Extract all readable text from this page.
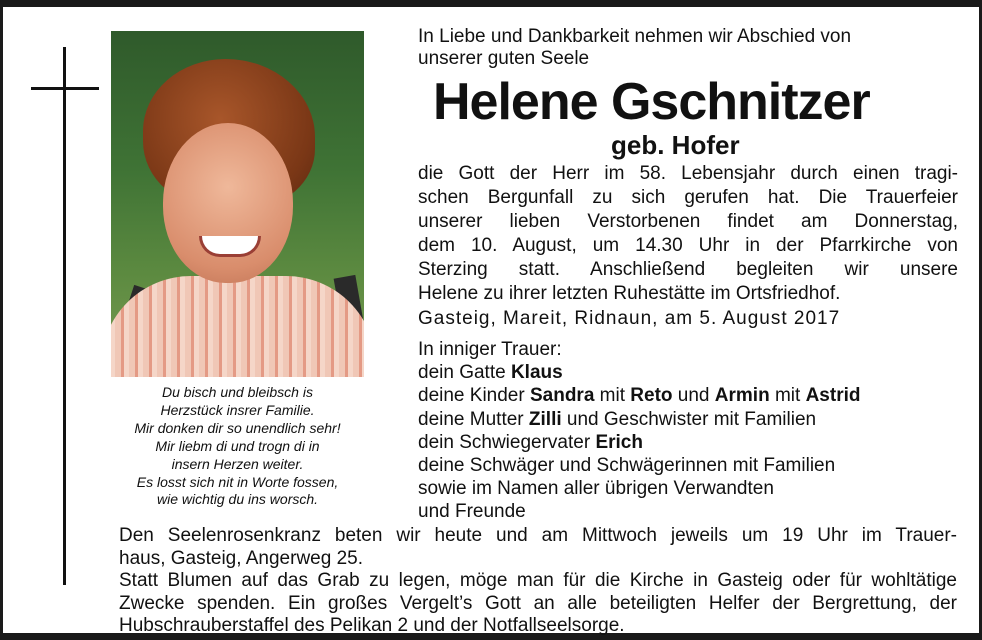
Du bisch und bleibsch is
Herzstück insrer Familie.
Mir donken dir so unendlich sehr!
Mir liebm di und trogn di in
insern Herzen weiter.
Es losst sich nit in Worte fossen,
wie wichtig du ins worsch.
In Liebe und Dankbarkeit nehmen wir Abschied von
unserer guten Seele
Helene Gschnitzer
geb. Hofer
die Gott der Herr im 58. Lebensjahr durch einen tragi-
schen Bergunfall zu sich gerufen hat. Die Trauerfeier
unserer lieben Verstorbenen findet am Donnerstag,
dem 10. August, um 14.30 Uhr in der Pfarrkirche von
Sterzing statt. Anschließend begleiten wir unsere
Helene zu ihrer letzten Ruhestätte im Ortsfriedhof.
Gasteig, Mareit, Ridnaun, am 5. August 2017
In inniger Trauer:
dein Gatte Klaus
deine Kinder Sandra mit Reto und Armin mit Astrid
deine Mutter Zilli und Geschwister mit Familien
dein Schwiegervater Erich
deine Schwäger und Schwägerinnen mit Familien
sowie im Namen aller übrigen Verwandten
und Freunde
Den Seelenrosenkranz beten wir heute und am Mittwoch jeweils um 19 Uhr im Trauer-
haus, Gasteig, Angerweg 25.
Statt Blumen auf das Grab zu legen, möge man für die Kirche in Gasteig oder für wohltätige
Zwecke spenden. Ein großes Vergelt’s Gott an alle beteiligten Helfer der Bergrettung, der
Hubschrauberstaffel des Pelikan 2 und der Notfallseelsorge.
